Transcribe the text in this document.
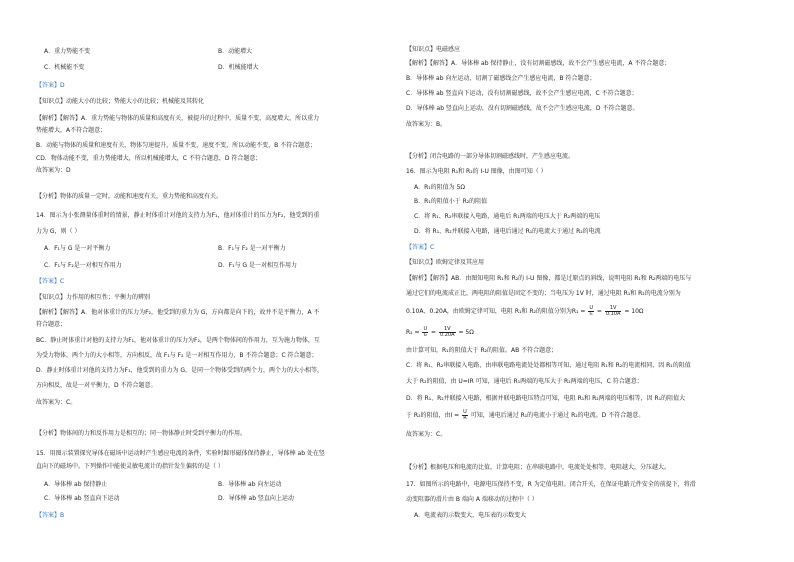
A．重力势能不变	B．动能增大
C．机械能不变	D．机械能增大
【答案】D
【知识点】动能大小的比较；势能大小的比较；机械能及其转化
【解析】【解答】A．重力势能与物体的质量和高度有关，被提升的过程中，质量不变，高度增大，所以重力
势能增大，A不符合题意；
B．动能与物体的质量和速度有关，物体匀速提升，质量不变，速度不变，所以动能不变，B 不符合题意；
CD．物体动能不变，重力势能增大，所以机械能增大，C 不符合题意，D 符合题意；
故答案为：D
【分析】物体的质量一定时，动能和速度有关，重力势能和高度有关。
14．图示为小张测量体重时的情景，静止时体重计对他的支持力为F₁，他对体重计的压力为F₂，他受到的重
力为 G，则（ ）
A．F₁与 G 是一对平衡力	B．F₁与 F₂ 是一对平衡力
C．F₁与 F₂是一对相互作用力	D．F₁与 G 是一对相互作用力
【答案】C
【知识点】力作用的相互性；平衡力的辨别
【解析】【解答】A．他对体重计的压力为F₂，他受到的重力为 G，方向都是向下的，故并不是平衡力，A 不
符合题意；
BC．静止时体重计对他的支持力为F₁，他对体重计的压力为F₂，是两个物体间的作用力，互为施力物体，互
为受力物体，两个力的大小相等，方向相反，故 F₁与 F₂ 是一对相互作用力，B 不符合题意；C 符合题意；
D．静止时体重计对他的支持力为F₁，他受到的重力为 G，是同一个物体受到的两个力，两个力的大小相等，
方向相反，故是一对平衡力，D 不符合题意。
故答案为：C。
【分析】物体间的力和反作用力是相互的；同一物体静止时受到平衡力的作用。
15．用图示装置探究导体在磁场中运动时产生感应电流的条件，实验时蹄形磁体保持静止，导体棒 ab 处在竖
直向下的磁场中。下列操作中能使灵敏电流计的指针发生偏转的是（ ）
A．导体棒 ab 保持静止	B．导体棒 ab 向左运动
C．导体棒 ab 竖直向下运动	D．导体棒 ab 竖直向上运动
【答案】B
【知识点】电磁感应
【解析】【解答】A．导体棒 ab 保持静止，没有切割磁感线，故不会产生感应电流，A 不符合题意；
B．导体棒 ab 向左运动，切割了磁感线会产生感应电流，B 符合题意；
C．导体棒 ab 竖直向下运动，没有切割磁感线，故不会产生感应电流，C 不符合题意；
D．导体棒 ab 竖直向上运动，没有切割磁感线，故不会产生感应电流，D 不符合题意。
故答案为：B。
【分析】闭合电路的一部分导体切割磁感线时，产生感应电流。
16．图示为电阻 R₁和 R₂的 I-U 图像，由图可知（ ）
A．R₁的阻值为 5Ω
B．R₁的阻值小于 R₂的阻值
C．将 R₁、R₂串联接入电路，通电后 R₁两端的电压大于 R₂两端的电压
D．将 R₁、R₂并联接入电路，通电后通过 R₁的电流大于通过 R₂的电流
【答案】C
【知识点】欧姆定律及其应用
【解析】【解答】AB．由图知电阻 R₁和 R₂的 I-U 图像，都是过原点的斜线，说明电阻 R₁和 R₂两端的电压与
通过它们的电流成正比，两电阻的阻值是固定不变的；当电压为 1V 时，通过电阻 R₁和 R₂的电流分别为
0.10A、0.20A，由欧姆定律可知，电阻 R₁和 R₂的阻值分别为$R_1 = \frac{U}{\text{I₁}} = \frac{1V}{0.10A} = 10\Omega$
$R_2 = \frac{U}{\text{I₂}} = \frac{1V}{0.20A} = 5\Omega$
由计算可知，R₁的阻值大于 R₂的阻值。AB 不符合题意；
C．将 R₁、R₂串联接入电路，由串联电路电流处处都相等可知，通过电阻 R₁和 R₂的电流相同，因 R₁的阻值
大于 R₂的阻值，由 U=IR 可知，通电后 R₁两端的电压大于 R₂两端的电压，C 符合题意；
D．将 R₁、R₂并联接入电路，根据并联电路电压特点可知，电阻 R₁和 R₂两端的电压相等，因 R₁的阻值大
于 R₂的阻值，由$I = \frac{U}{R}$ 可知，通电后通过 R₁的电流小于通过 R₂的电流。D 不符合题意。
故答案为：C。
【分析】根据电压和电流的比值，计算电阻；在串联电路中，电流处处相等，电阻越大，分压越大。
17．如图所示的电路中，电源电压保持不变，R 为定值电阻。闭合开关，在保证电路元件安全的前提下，将滑
动变阻器的滑片由 B 端向 A 端移动的过程中（ ）
A．电流表的示数变大，电压表的示数变大
